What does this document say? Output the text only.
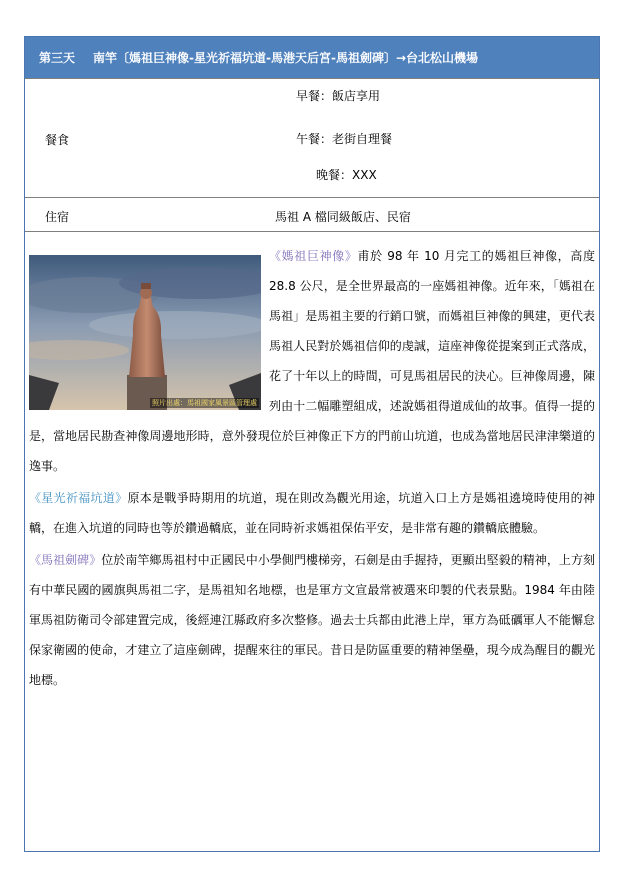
第三天 南竿〔媽祖巨神像-星光祈福坑道-馬港天后宮-馬祖劍碑〕→台北松山機場
餐食
早餐：飯店享用
午餐：老街自理餐
晚餐：XXX
住宿	馬祖 A 檔同級飯店、民宿
照片出處：馬祖國家風景區管理處

《媽祖巨神像》甫於 98 年 10 月完工的媽祖巨神像，高度 28.8 公尺，是全世界最高的一座媽祖神像。近年來，「媽祖在馬祖」是馬祖主要的行銷口號，而媽祖巨神像的興建，更代表馬祖人民對於媽祖信仰的虔誠，這座神像從提案到正式落成，花了十年以上的時間，可見馬祖居民的決心。巨神像周邊，陳列由十二幅雕塑組成，述說媽祖得道成仙的故事。值得一提的是，當地居民勘查神像周邊地形時，意外發現位於巨神像正下方的門前山坑道，也成為當地居民津津樂道的逸事。

《星光祈福坑道》原本是戰爭時期用的坑道，現在則改為觀光用途，坑道入口上方是媽祖遶境時使用的神轎，在進入坑道的同時也等於鑽過轎底，並在同時祈求媽祖保佑平安，是非常有趣的鑽轎底體驗。

《馬祖劍碑》位於南竿鄉馬祖村中正國民中小學側門樓梯旁，石劍是由手握持，更顯出堅毅的精神，上方刻有中華民國的國旗與馬祖二字，是馬祖知名地標，也是軍方文宣最常被選來印製的代表景點。1984 年由陸軍馬祖防衛司令部建置完成，後經連江縣政府多次整修。過去士兵都由此港上岸，軍方為砥礪軍人不能懈怠保家衛國的使命，才建立了這座劍碑，提醒來往的軍民。昔日是防區重要的精神堡壘，現今成為醒目的觀光地標。
